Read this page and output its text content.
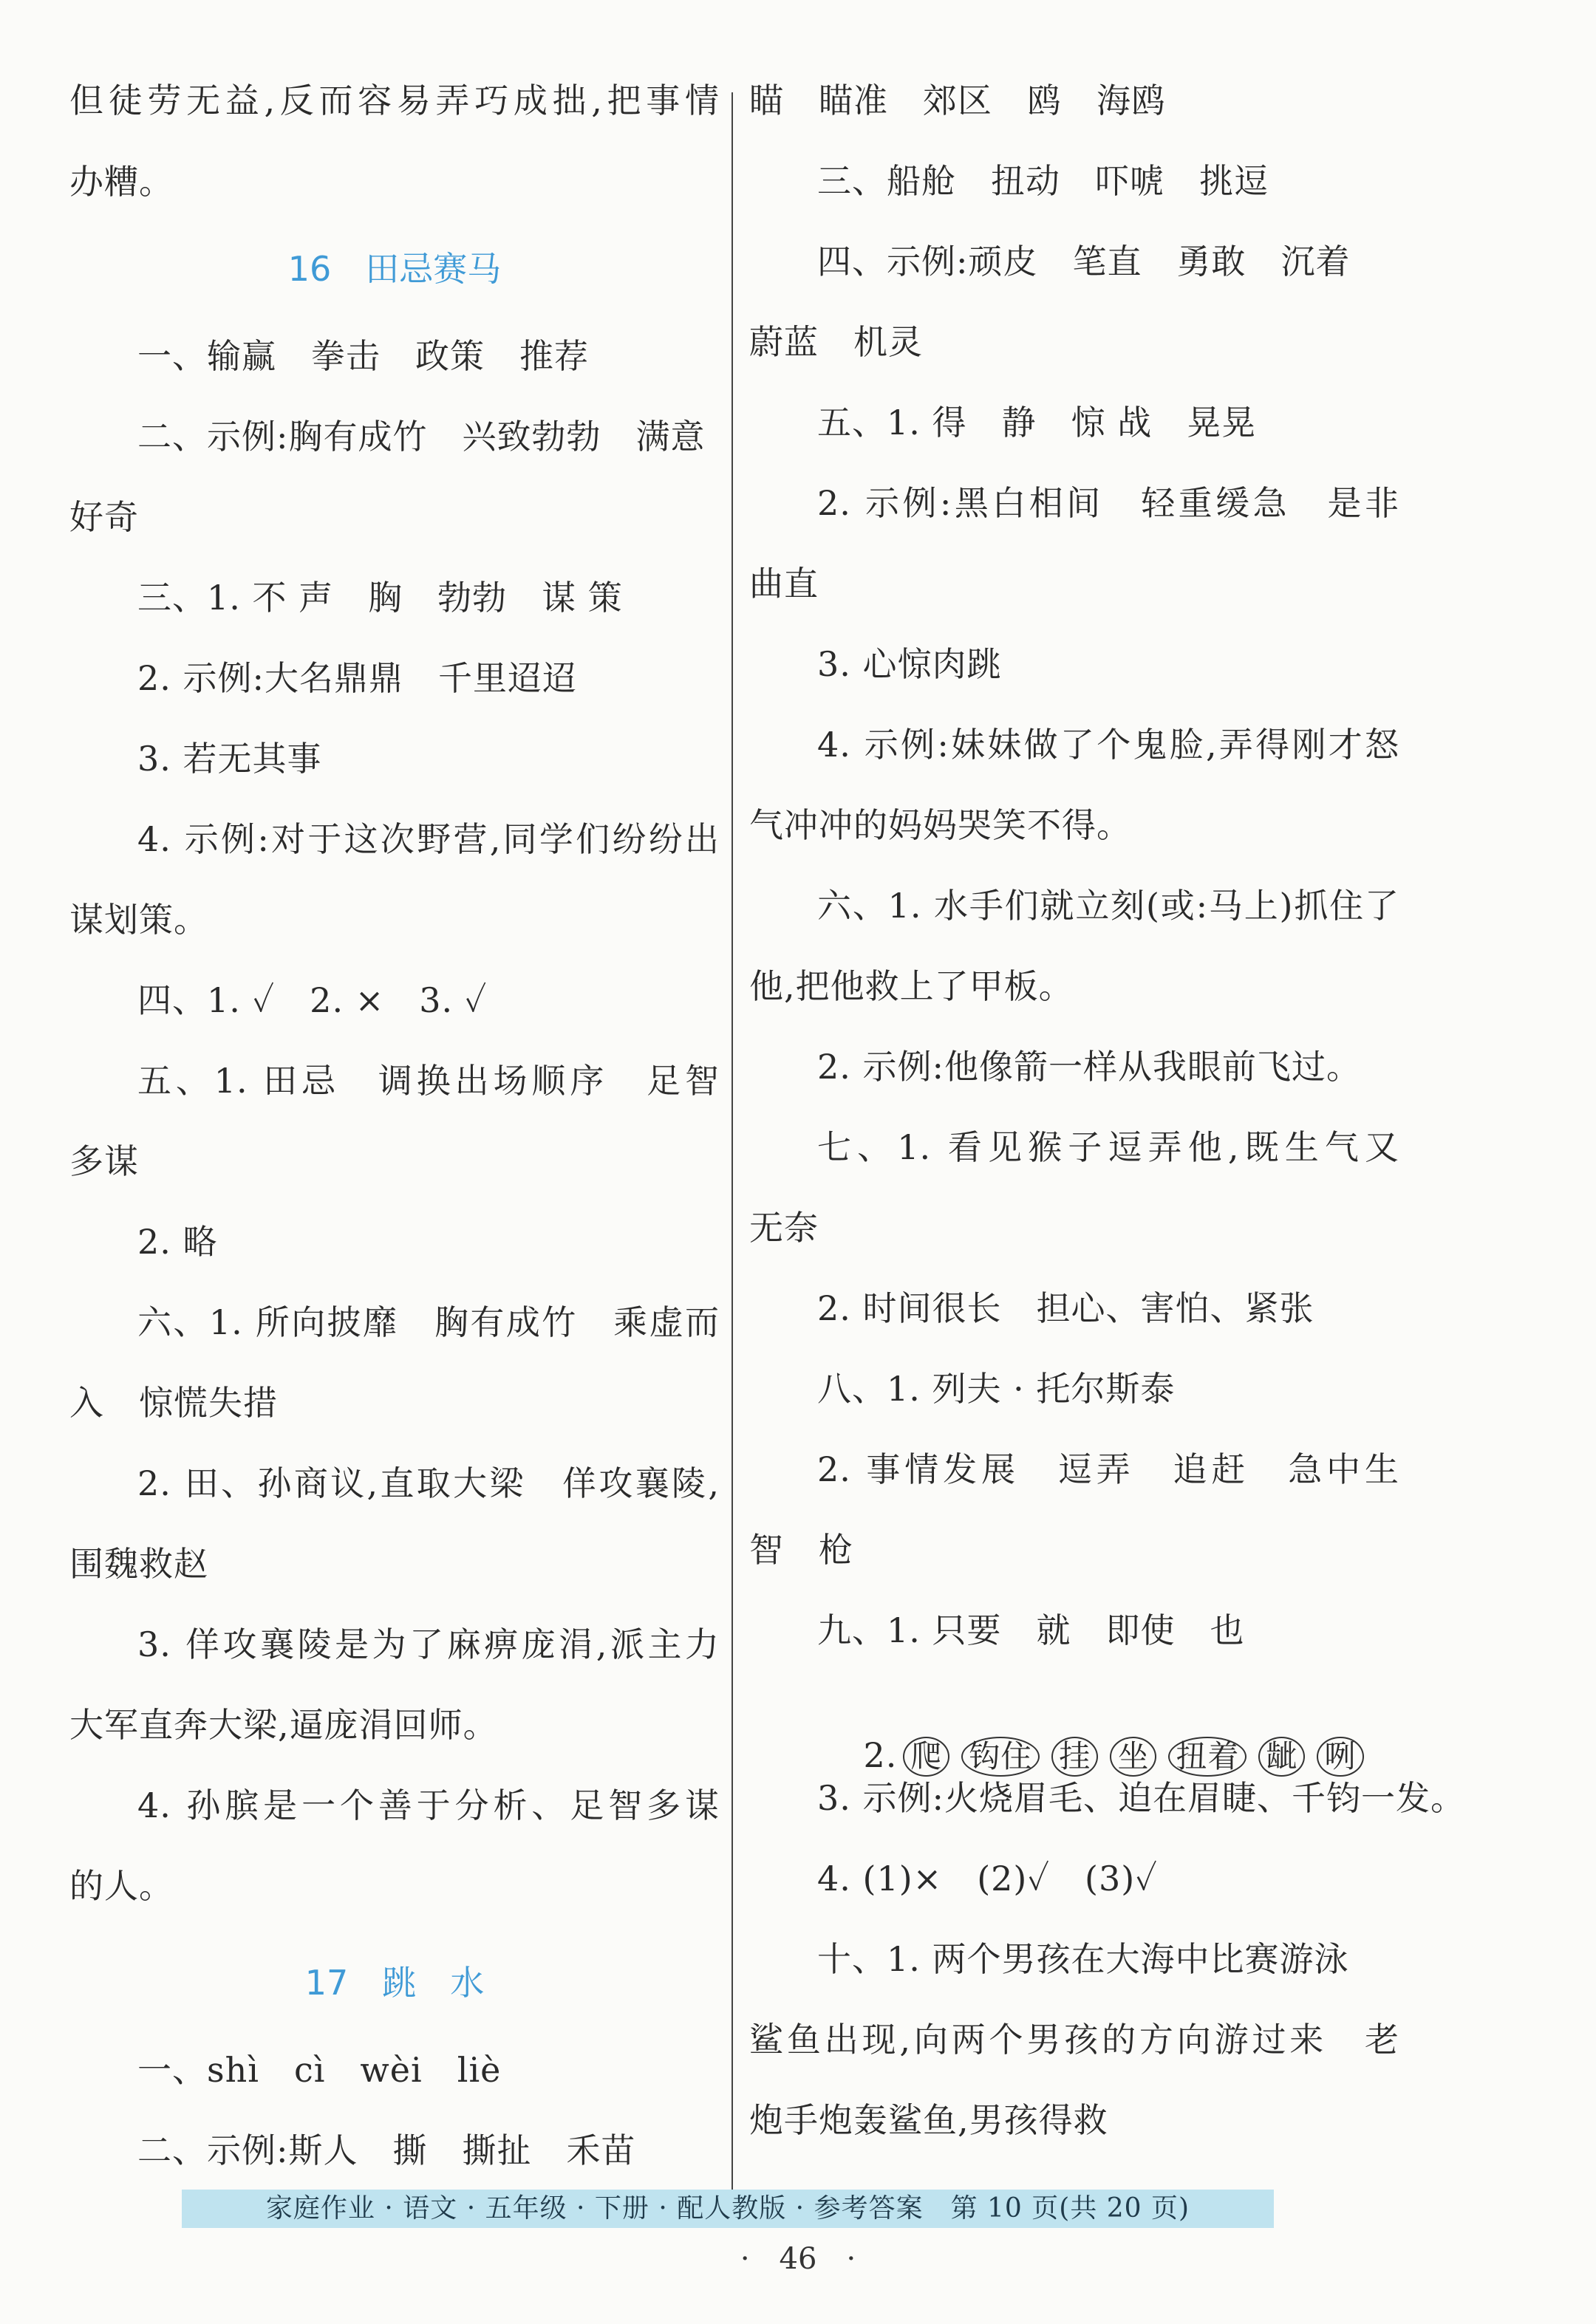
但徒劳无益,反而容易弄巧成拙,把事情
办糟。
16　田忌赛马
一、输赢　拳击　政策　推荐
二、示例:胸有成竹　兴致勃勃　满意
好奇
三、1. 不 声　胸　勃勃　谋 策
2. 示例:大名鼎鼎　千里迢迢
3. 若无其事
4. 示例:对于这次野营,同学们纷纷出
谋划策。
四、1. ✓　2. ×　3. ✓
五、1. 田忌　调换出场顺序　足智
多谋
2. 略
六、1. 所向披靡　胸有成竹　乘虚而
入　惊慌失措
2. 田、孙商议,直取大梁　佯攻襄陵,
围魏救赵
3. 佯攻襄陵是为了麻痹庞涓,派主力
大军直奔大梁,逼庞涓回师。
4. 孙膑是一个善于分析、足智多谋
的人。
17　跳　水
一、shì　cì　wèi　liè
二、示例:斯人　撕　撕扯　禾苗
瞄　瞄准　郊区　鸥　海鸥
三、船舱　扭动　吓唬　挑逗
四、示例:顽皮　笔直　勇敢　沉着
蔚蓝　机灵
五、1. 得　静　惊 战　晃晃
2. 示例:黑白相间　轻重缓急　是非
曲直
3. 心惊肉跳
4. 示例:妹妹做了个鬼脸,弄得刚才怒
气冲冲的妈妈哭笑不得。
六、1. 水手们就立刻(或:马上)抓住了
他,把他救上了甲板。
2. 示例:他像箭一样从我眼前飞过。
七、1. 看见猴子逗弄他,既生气又
无奈
2. 时间很长　担心、害怕、紧张
八、1. 列夫 · 托尔斯泰
2. 事情发展　逗弄　追赶　急中生
智　枪
九、1. 只要　就　即使　也

2. 爬 钩住 挂 坐 扭着 龇 咧

3. 示例:火烧眉毛、迫在眉睫、千钧一发。
4. (1)×　(2)✓　(3)✓
十、1. 两个男孩在大海中比赛游泳
鲨鱼出现,向两个男孩的方向游过来　老
炮手炮轰鲨鱼,男孩得救
家庭作业 · 语文 · 五年级 · 下册 · 配人教版 · 参考答案　第 10 页(共 20 页)
·　46　·
